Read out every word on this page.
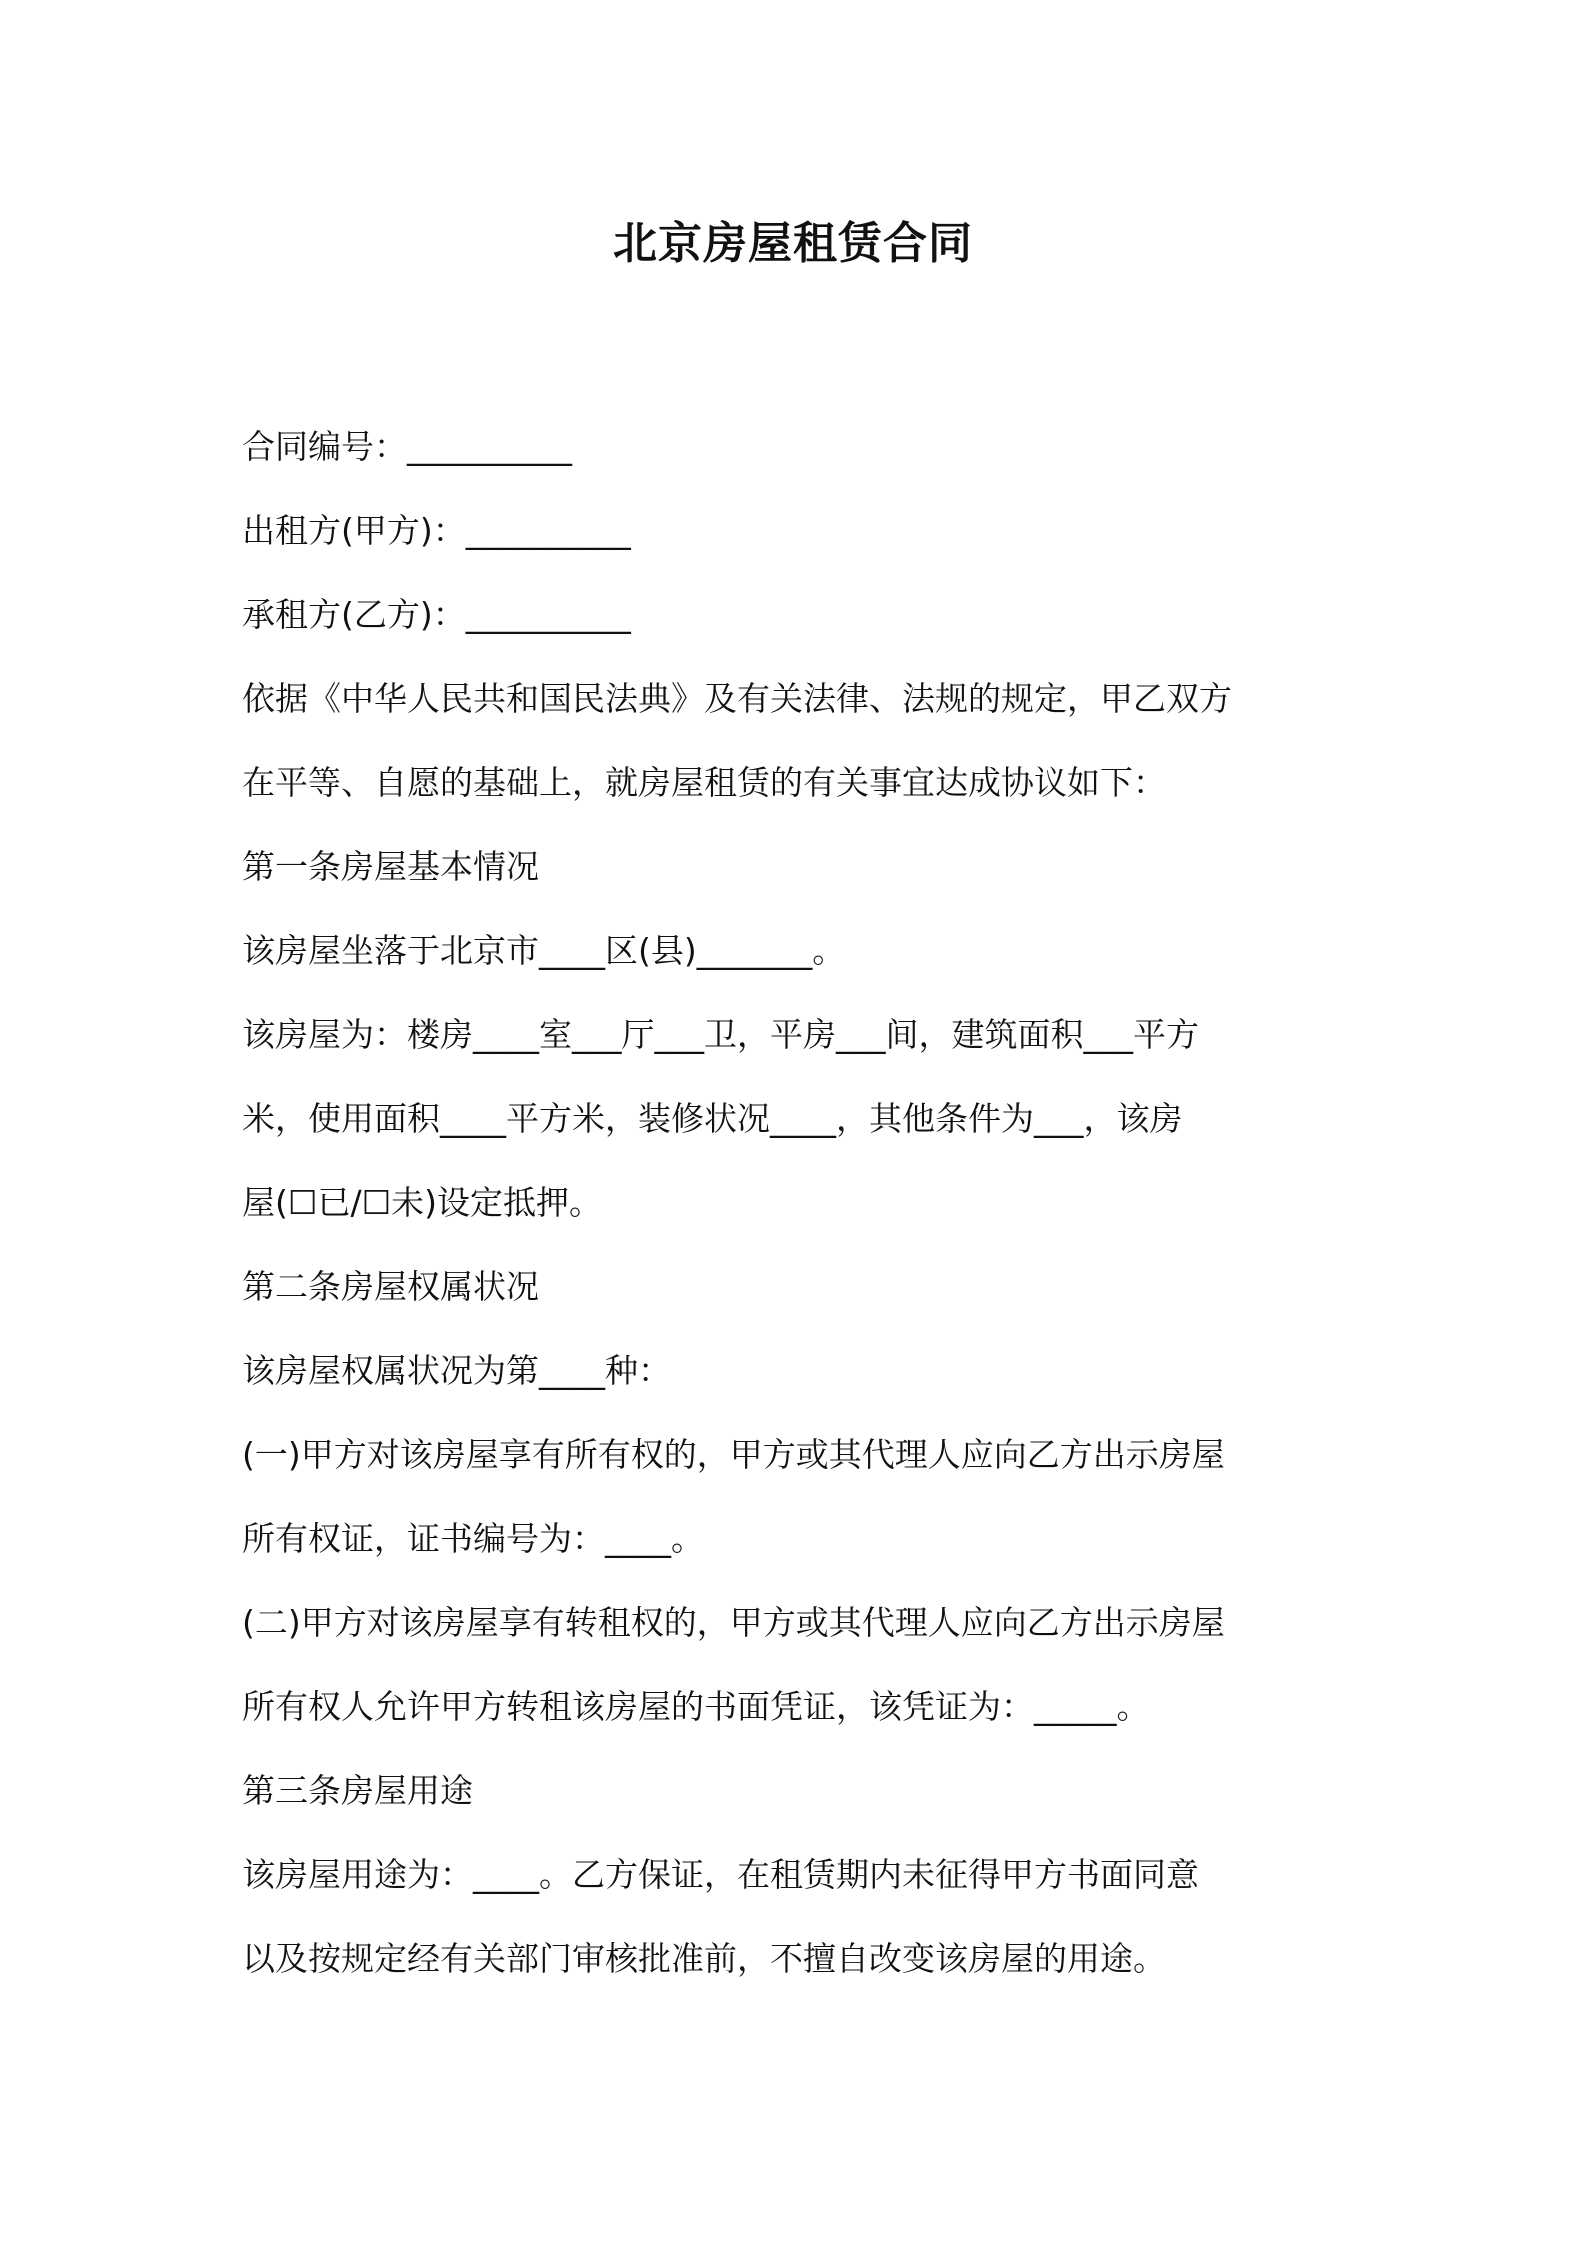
北京房屋租赁合同
合同编号：__________
出租方(甲方)：__________
承租方(乙方)：__________
依据《中华人民共和国民法典》及有关法律、法规的规定，甲乙双方
在平等、自愿的基础上，就房屋租赁的有关事宜达成协议如下：
第一条房屋基本情况
该房屋坐落于北京市____区(县)_______。
该房屋为：楼房____室___厅___卫，平房___间，建筑面积___平方
米，使用面积____平方米，装修状况____，其他条件为___，该房
屋(☐已/☐未)设定抵押。
第二条房屋权属状况
该房屋权属状况为第____种：
(一)甲方对该房屋享有所有权的，甲方或其代理人应向乙方出示房屋
所有权证，证书编号为：____。
(二)甲方对该房屋享有转租权的，甲方或其代理人应向乙方出示房屋
所有权人允许甲方转租该房屋的书面凭证，该凭证为：_____。
第三条房屋用途
该房屋用途为：____。乙方保证，在租赁期内未征得甲方书面同意
以及按规定经有关部门审核批准前，不擅自改变该房屋的用途。
